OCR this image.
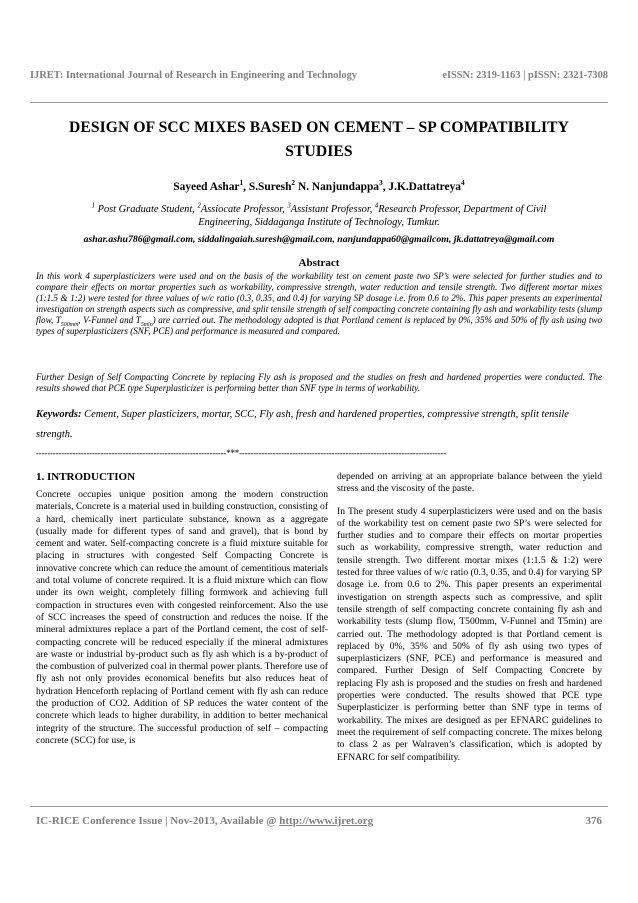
IJRET: International Journal of Research in Engineering and Technology	eISSN: 2319-1163 | pISSN: 2321-7308
DESIGN OF SCC MIXES BASED ON CEMENT – SP COMPATIBILITY STUDIES
Sayeed Ashar$^1$, S.Suresh$^2$ N. Nanjundappa$^3$, J.K.Dattatreya$^4$
$^1$ Post Graduate Student, $^2$Assiocate Professor, $^3$Assistant Professor, $^4$Research Professor, Department of Civil
Engineering, Siddaganga Institute of Technology, Tumkur.
ashar.ashu786@gmail.com, siddalingaiah.suresh@gmail.com, nanjundappa60@gmailcom, jk.dattatreya@gmail.com
Abstract

In this work 4 superplasticizers were used and on the basis of the workability test on cement paste two SP’s were selected for further studies and to compare their effects on mortar properties such as workability, compressive strength, water reduction and tensile strength. Two different mortar mixes (1:1.5 & 1:2) were tested for three values of w/c ratio (0.3, 0.35, and 0.4) for varying SP dosage i.e. from 0.6 to 2%. This paper presents an experimental investigation on strength aspects such as compressive, and split tensile strength of self compacting concrete containing fly ash and workability tests (slump flow, $T_{500mm}$, V-Funnel and $T_{5min}$) are carried out. The methodology adopted is that Portland cement is replaced by 0%, 35% and 50% of fly ash using two types of superplasticizers (SNF, PCE) and performance is measured and compared.

Further Design of Self Compacting Concrete by replacing Fly ash is proposed and the studies on fresh and hardened properties were conducted. The results showed that PCE type Superplasticizer is performing better than SNF type in terms of workability.

Keywords: Cement, Super plasticizers, mortar, SCC, Fly ash, fresh and hardened properties, compressive strength, split tensile strength.

--------------------------------------------------------------------***--------------------------------------------------------------------------
1. INTRODUCTION

Concrete occupies unique position among the modern construction materials, Concrete is a material used in building construction, consisting of a hard, chemically inert particulate substance, known as a aggregate (usually made for different types of sand and gravel), that is bond by cement and water. Self-compacting concrete is a fluid mixture suitable for placing in structures with congested Self Compacting Concrete is innovative concrete which can reduce the amount of cementitious materials and total volume of concrete required. It is a fluid mixture which can flow under its own weight, completely filling formwork and achieving full compaction in structures even with congested reinforcement. Also the use of SCC increases the speed of construction and reduces the noise. If the mineral admixtures replace a part of the Portland cement, the cost of self-compacting concrete will be reduced especially if the mineral admixtures are waste or industrial by-product such as fly ash which is a by-product of the combustion of pulverized coal in thermal power plants. Therefore use of fly ash not only provides economical benefits but also reduces heat of hydration Henceforth replacing of Portland cement with fly ash can reduce the production of CO2. Addition of SP reduces the water content of the concrete which leads to higher durability, in addition to better mechanical integrity of the structure. The successful production of self – compacting concrete (SCC) for use, is

depended on arriving at an appropriate balance between the yield stress and the viscosity of the paste.

In The present study 4 superplasticizers were used and on the basis of the workability test on cement paste two SP’s were selected for further studies and to compare their effects on mortar properties such as workability, compressive strength, water reduction and tensile strength. Two different mortar mixes (1:1.5 & 1:2) were tested for three values of w/c ratio (0.3, 0.35, and 0.4) for varying SP dosage i.e. from 0.6 to 2%. This paper presents an experimental investigation on strength aspects such as compressive, and split tensile strength of self compacting concrete containing fly ash and workability tests (slump flow, T500mm, V-Funnel and T5min) are carried out. The methodology adopted is that Portland cement is replaced by 0%, 35% and 50% of fly ash using two types of superplasticizers (SNF, PCE) and performance is measured and compared. Further Design of Self Compacting Concrete by replacing Fly ash is proposed and the studies on fresh and hardened properties were conducted. The results showed that PCE type Superplasticizer is performing better than SNF type in terms of workability. The mixes are designed as per EFNARC guidelines to meet the requirement of self compacting concrete. The mixes belong to class 2 as per Walraven’s classification, which is adopted by EFNARC for self compatibility.

IC-RICE Conference Issue | Nov-2013, Available @ http://www.ijret.org	376
